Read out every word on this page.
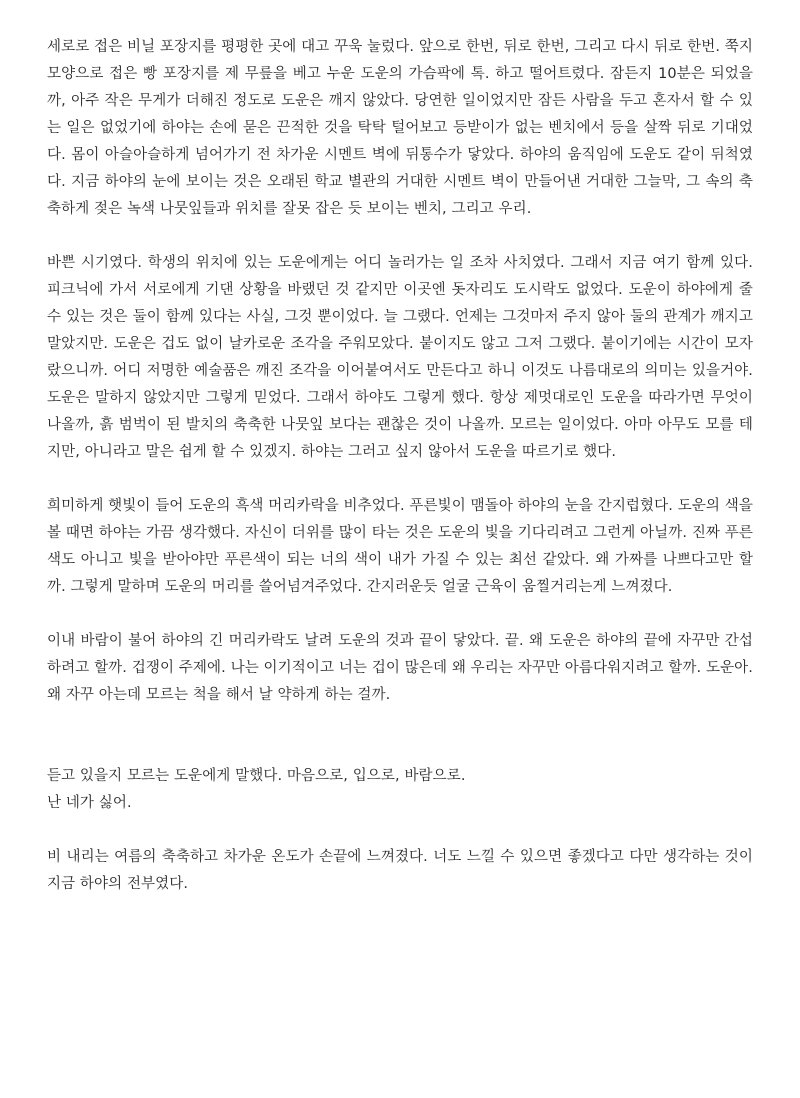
세로로 접은 비닐 포장지를 평평한 곳에 대고 꾸욱 눌렀다. 앞으로 한번, 뒤로 한번, 그리고 다시 뒤로 한번. 쭉지 모양으로 접은 빵 포장지를 제 무릎을 베고 누운 도운의 가슴팍에 톡. 하고 떨어트렸다. 잠든지 10분은 되었을까, 아주 작은 무게가 더해진 정도로 도운은 깨지 않았다. 당연한 일이었지만 잠든 사람을 두고 혼자서 할 수 있는 일은 없었기에 하야는 손에 묻은 끈적한 것을 탁탁 털어보고 등받이가 없는 벤치에서 등을 살짝 뒤로 기대었다. 몸이 아슬아슬하게 넘어가기 전 차가운 시멘트 벽에 뒤통수가 닿았다. 하야의 움직임에 도운도 같이 뒤척였다. 지금 하야의 눈에 보이는 것은 오래된 학교 별관의 거대한 시멘트 벽이 만들어낸 거대한 그늘막, 그 속의 축축하게 젖은 녹색 나뭇잎들과 위치를 잘못 잡은 듯 보이는 벤치, 그리고 우리.

바쁜 시기였다. 학생의 위치에 있는 도운에게는 어디 놀러가는 일 조차 사치였다. 그래서 지금 여기 함께 있다. 피크닉에 가서 서로에게 기댄 상황을 바랬던 것 같지만 이곳엔 돗자리도 도시락도 없었다. 도운이 하야에게 줄 수 있는 것은 둘이 함께 있다는 사실, 그것 뿐이었다. 늘 그랬다. 언제는 그것마저 주지 않아 둘의 관계가 깨지고 말았지만. 도운은 겁도 없이 날카로운 조각을 주워모았다. 붙이지도 않고 그저 그랬다. 붙이기에는 시간이 모자랐으니까. 어디 저명한 예술품은 깨진 조각을 이어붙여서도 만든다고 하니 이것도 나름대로의 의미는 있을거야. 도운은 말하지 않았지만 그렇게 믿었다. 그래서 하야도 그렇게 했다. 항상 제멋대로인 도운을 따라가면 무엇이 나올까, 흙 범벅이 된 발치의 축축한 나뭇잎 보다는 괜찮은 것이 나올까. 모르는 일이었다. 아마 아무도 모를 테지만, 아니라고 말은 쉽게 할 수 있겠지. 하야는 그러고 싶지 않아서 도운을 따르기로 했다.

희미하게 햇빛이 들어 도운의 흑색 머리카락을 비추었다. 푸른빛이 맴돌아 하야의 눈을 간지럽혔다. 도운의 색을 볼 때면 하야는 가끔 생각했다. 자신이 더위를 많이 타는 것은 도운의 빛을 기다리려고 그런게 아닐까. 진짜 푸른색도 아니고 빛을 받아야만 푸른색이 되는 너의 색이 내가 가질 수 있는 최선 같았다. 왜 가짜를 나쁘다고만 할까. 그렇게 말하며 도운의 머리를 쓸어넘겨주었다. 간지러운듯 얼굴 근육이 움찔거리는게 느껴졌다.

이내 바람이 불어 하야의 긴 머리카락도 날려 도운의 것과 끝이 닿았다. 끝. 왜 도운은 하야의 끝에 자꾸만 간섭하려고 할까. 겁쟁이 주제에. 나는 이기적이고 너는 겁이 많은데 왜 우리는 자꾸만 아름다워지려고 할까. 도운아. 왜 자꾸 아는데 모르는 척을 해서 날 약하게 하는 걸까.

듣고 있을지 모르는 도운에게 말했다. 마음으로, 입으로, 바람으로.
난 네가 싫어.

비 내리는 여름의 축축하고 차가운 온도가 손끝에 느껴졌다. 너도 느낄 수 있으면 좋겠다고 다만 생각하는 것이 지금 하야의 전부였다.
